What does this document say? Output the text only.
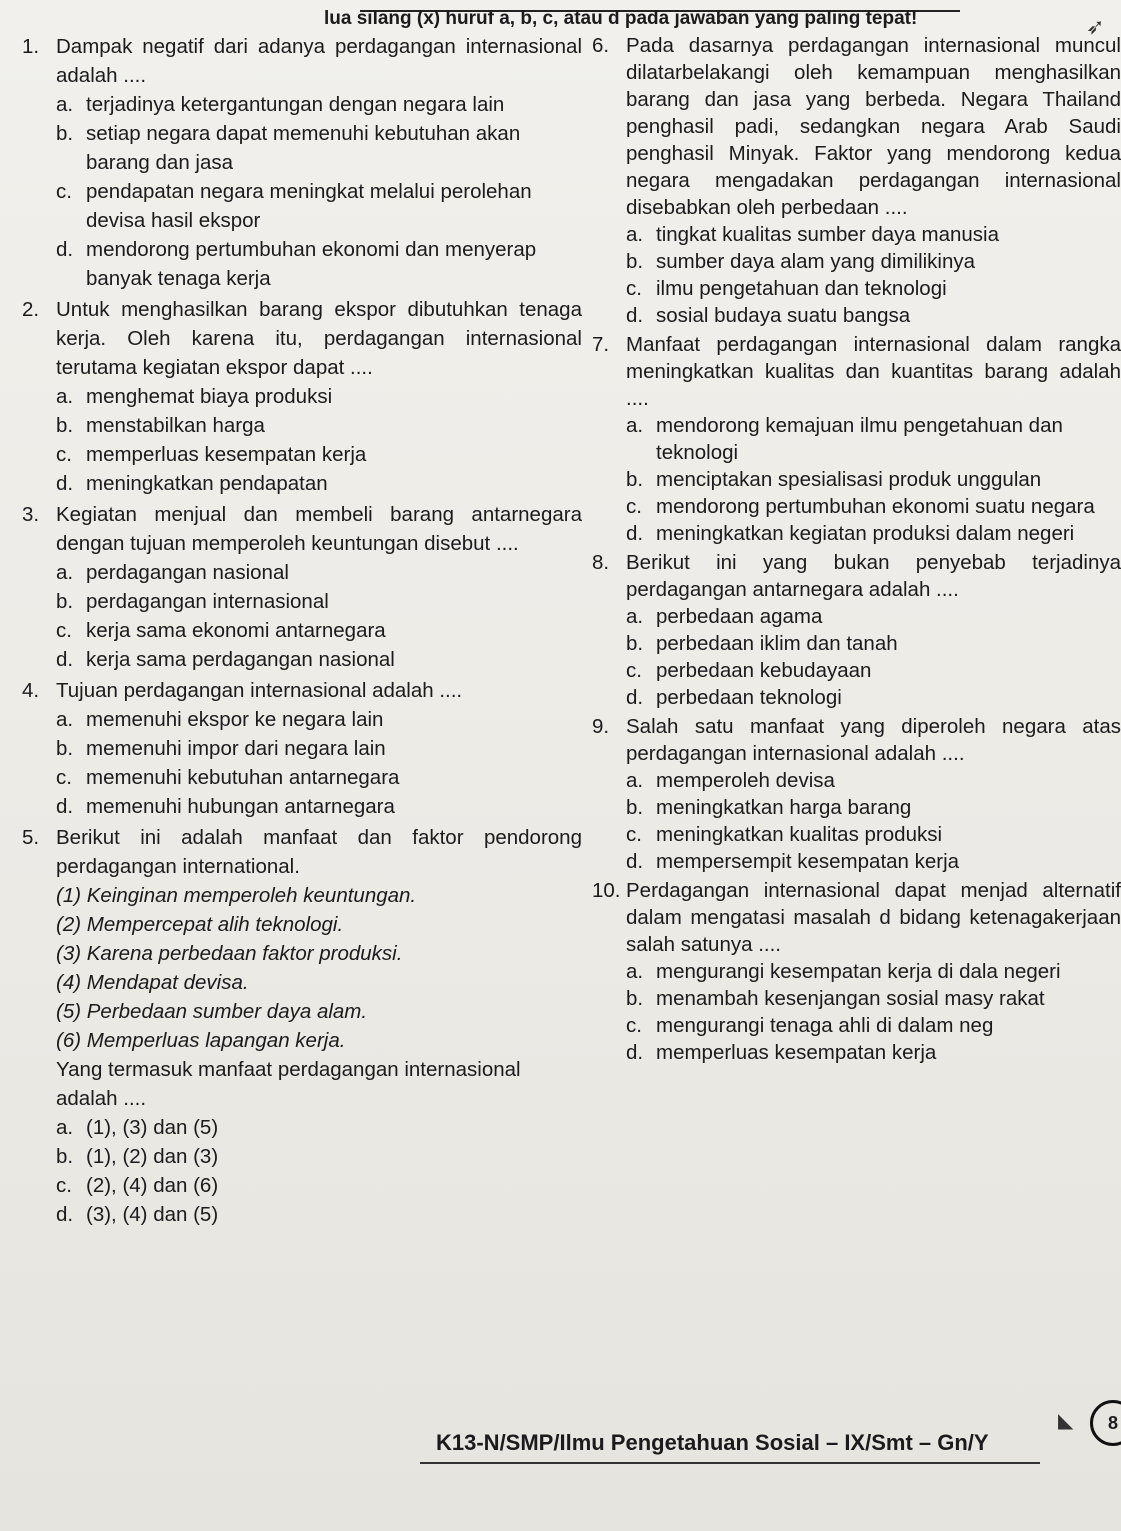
lua silang (x) huruf a, b, c, atau d pada jawaban yang paling tepat!	➶
1. Dampak negatif dari adanya perdagangan internasional adalah ....
a. terjadinya ketergantungan dengan negara lain
b. setiap negara dapat memenuhi kebutuhan akan barang dan jasa
c. pendapatan negara meningkat melalui perolehan devisa hasil ekspor
d. mendorong pertumbuhan ekonomi dan menyerap banyak tenaga kerja
2. Untuk menghasilkan barang ekspor dibutuhkan tenaga kerja. Oleh karena itu, perdagangan internasional terutama kegiatan ekspor dapat ....
a. menghemat biaya produksi
b. menstabilkan harga
c. memperluas kesempatan kerja
d. meningkatkan pendapatan
3. Kegiatan menjual dan membeli barang antarnegara dengan tujuan memperoleh keuntungan disebut ....
a. perdagangan nasional
b. perdagangan internasional
c. kerja sama ekonomi antarnegara
d. kerja sama perdagangan nasional
4. Tujuan perdagangan internasional adalah ....
a. memenuhi ekspor ke negara lain
b. memenuhi impor dari negara lain
c. memenuhi kebutuhan antarnegara
d. memenuhi hubungan antarnegara
5. Berikut ini adalah manfaat dan faktor pendorong perdagangan international.
(1) Keinginan memperoleh keuntungan.
(2) Mempercepat alih teknologi.
(3) Karena perbedaan faktor produksi.
(4) Mendapat devisa.
(5) Perbedaan sumber daya alam.
(6) Memperluas lapangan kerja.
Yang termasuk manfaat perdagangan internasional adalah ....
a. (1), (3) dan (5)
b. (1), (2) dan (3)
c. (2), (4) dan (6)
d. (3), (4) dan (5)
6. Pada dasarnya perdagangan internasional muncul dilatarbelakangi oleh kemampuan menghasilkan barang dan jasa yang berbeda. Negara Thailand penghasil padi, sedangkan negara Arab Saudi penghasil Minyak. Faktor yang mendorong kedua negara mengadakan perdagangan internasional disebabkan oleh perbedaan ....
a. tingkat kualitas sumber daya manusia
b. sumber daya alam yang dimilikinya
c. ilmu pengetahuan dan teknologi
d. sosial budaya suatu bangsa
7. Manfaat perdagangan internasional dalam rangka meningkatkan kualitas dan kuantitas barang adalah ....
a. mendorong kemajuan ilmu pengetahuan dan teknologi
b. menciptakan spesialisasi produk unggulan
c. mendorong pertumbuhan ekonomi suatu negara
d. meningkatkan kegiatan produksi dalam negeri
8. Berikut ini yang bukan penyebab terjadinya perdagangan antarnegara adalah ....
a. perbedaan agama
b. perbedaan iklim dan tanah
c. perbedaan kebudayaan
d. perbedaan teknologi
9. Salah satu manfaat yang diperoleh negara atas perdagangan internasional adalah ....
a. memperoleh devisa
b. meningkatkan harga barang
c. meningkatkan kualitas produksi
d. mempersempit kesempatan kerja
10. Perdagangan internasional dapat menjad alternatif dalam mengatasi masalah d bidang ketenagakerjaan salah satunya ....
a. mengurangi kesempatan kerja di dala negeri
b. menambah kesenjangan sosial masy rakat
c. mengurangi tenaga ahli di dalam neg
d. memperluas kesempatan kerja
K13-N/SMP/Ilmu Pengetahuan Sosial – IX/Smt – Gn/Y
◣	8
